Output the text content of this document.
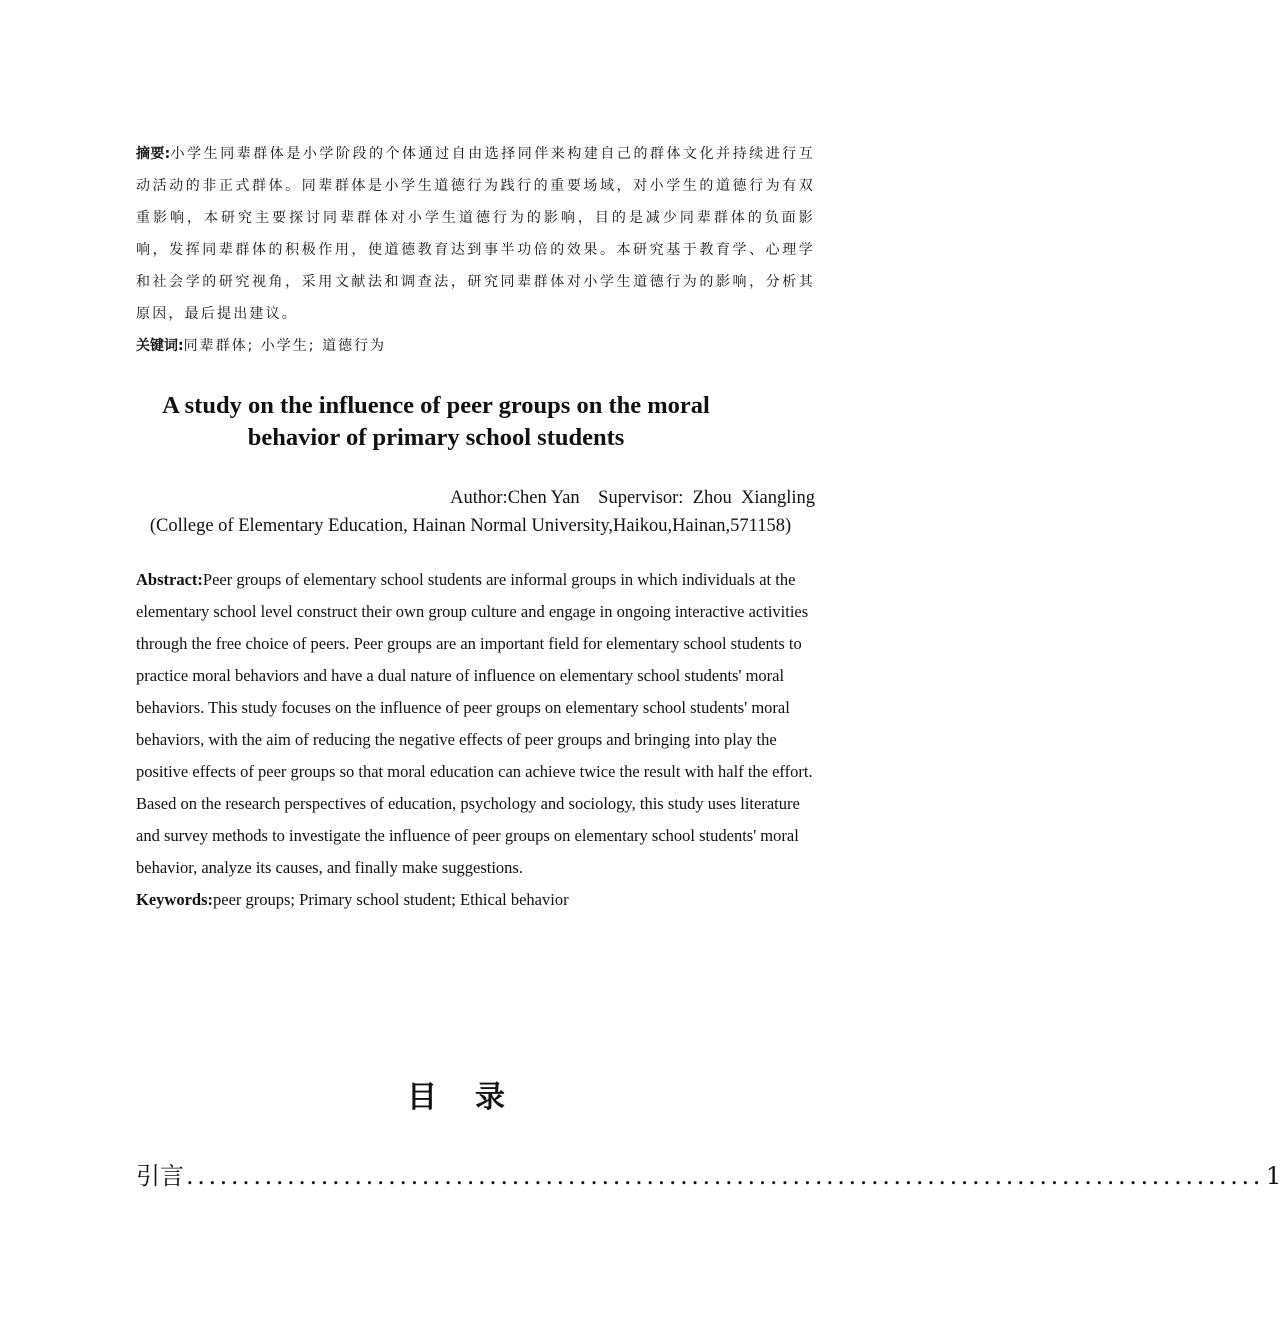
摘要:小学生同辈群体是小学阶段的个体通过自由选择同伴来构建自己的群体文化并持续进行互动活动的非正式群体。同辈群体是小学生道德行为践行的重要场域，对小学生的道德行为有双重影响，本研究主要探讨同辈群体对小学生道德行为的影响，目的是减少同辈群体的负面影响，发挥同辈群体的积极作用，使道德教育达到事半功倍的效果。本研究基于教育学、心理学和社会学的研究视角，采用文献法和调查法，研究同辈群体对小学生道德行为的影响，分析其原因，最后提出建议。

关键词:同辈群体; 小学生; 道德行为

A study on the influence of peer groups on the moral
behavior of primary school students
Author:Chen Yan    Supervisor:  Zhou  Xiangling
(College of Elementary Education, Hainan Normal University,Haikou,Hainan,571158)

Abstract:Peer groups of elementary school students are informal groups in which individuals at the elementary school level construct their own group culture and engage in ongoing interactive activities through the free choice of peers. Peer groups are an important field for elementary school students to practice moral behaviors and have a dual nature of influence on elementary school students' moral behaviors. This study focuses on the influence of peer groups on elementary school students' moral behaviors, with the aim of reducing the negative effects of peer groups and bringing into play the positive effects of peer groups so that moral education can achieve twice the result with half the effort. Based on the research perspectives of education, psychology and sociology, this study uses literature and survey methods to investigate the influence of peer groups on elementary school students' moral behavior, analyze its causes, and finally make suggestions.

Keywords:peer groups; Primary school student; Ethical behavior

目录
引言 ................................................................................................ 1
